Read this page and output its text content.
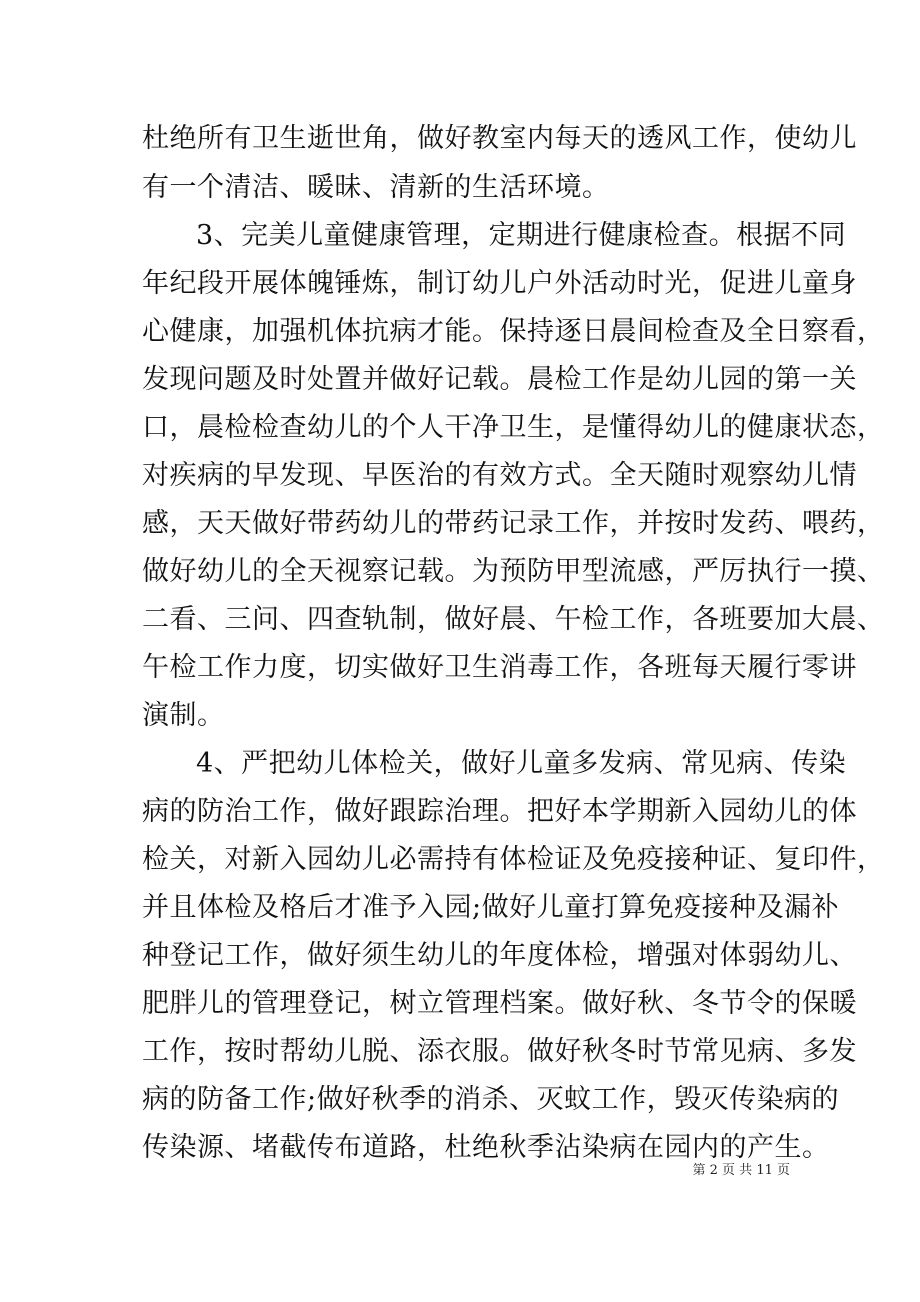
杜绝所有卫生逝世角，做好教室内每天的透风工作，使幼儿
有一个清洁、暖昧、清新的生活环境。
3、完美儿童健康管理，定期进行健康检查。根据不同
年纪段开展体魄锤炼，制订幼儿户外活动时光，促进儿童身
心健康，加强机体抗病才能。保持逐日晨间检查及全日察看，
发现问题及时处置并做好记载。晨检工作是幼儿园的第一关
口，晨检检查幼儿的个人干净卫生，是懂得幼儿的健康状态，
对疾病的早发现、早医治的有效方式。全天随时观察幼儿情
感，天天做好带药幼儿的带药记录工作，并按时发药、喂药，
做好幼儿的全天视察记载。为预防甲型流感，严厉执行一摸、
二看、三问、四查轨制，做好晨、午检工作，各班要加大晨、
午检工作力度，切实做好卫生消毒工作，各班每天履行零讲
演制。
4、严把幼儿体检关，做好儿童多发病、常见病、传染
病的防治工作，做好跟踪治理。把好本学期新入园幼儿的体
检关，对新入园幼儿必需持有体检证及免疫接种证、复印件，
并且体检及格后才准予入园;做好儿童打算免疫接种及漏补
种登记工作，做好须生幼儿的年度体检，增强对体弱幼儿、
肥胖儿的管理登记，树立管理档案。做好秋、冬节令的保暖
工作，按时帮幼儿脱、添衣服。做好秋冬时节常见病、多发
病的防备工作;做好秋季的消杀、灭蚊工作，毁灭传染病的
传染源、堵截传布道路，杜绝秋季沾染病在园内的产生。
第 2 页 共 11 页
